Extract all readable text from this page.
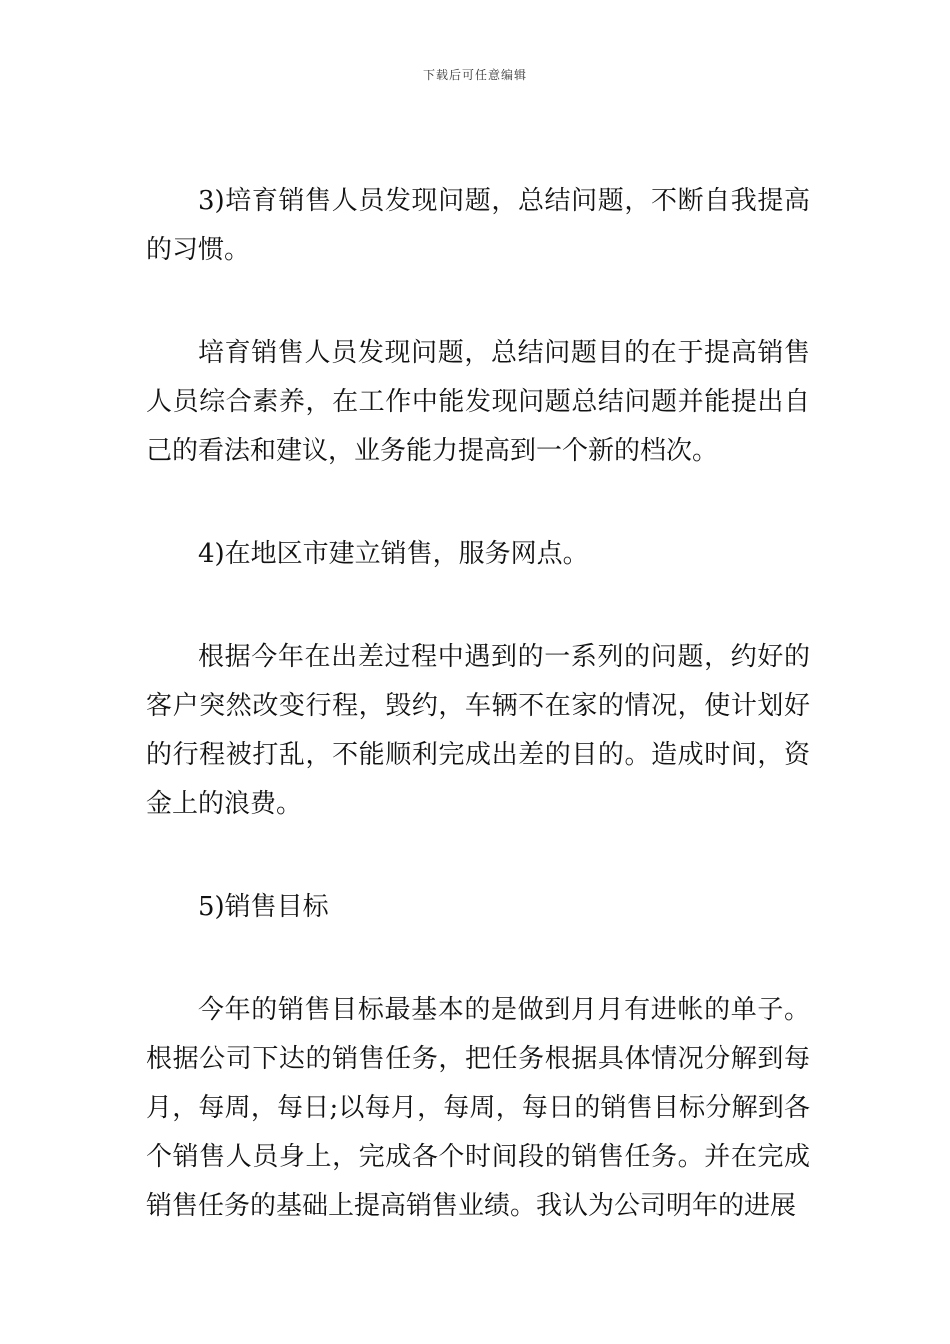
下载后可任意编辑

3)培育销售人员发现问题，总结问题，不断自我提高的习惯。

培育销售人员发现问题，总结问题目的在于提高销售人员综合素养，在工作中能发现问题总结问题并能提出自己的看法和建议，业务能力提高到一个新的档次。

4)在地区市建立销售，服务网点。

根据今年在出差过程中遇到的一系列的问题，约好的客户突然改变行程，毁约，车辆不在家的情况，使计划好的行程被打乱，不能顺利完成出差的目的。造成时间，资金上的浪费。

5)销售目标

今年的销售目标最基本的是做到月月有进帐的单子。根据公司下达的销售任务，把任务根据具体情况分解到每月，每周，每日;以每月，每周，每日的销售目标分解到各个销售人员身上，完成各个时间段的销售任务。并在完成销售任务的基础上提高销售业绩。我认为公司明年的进展
